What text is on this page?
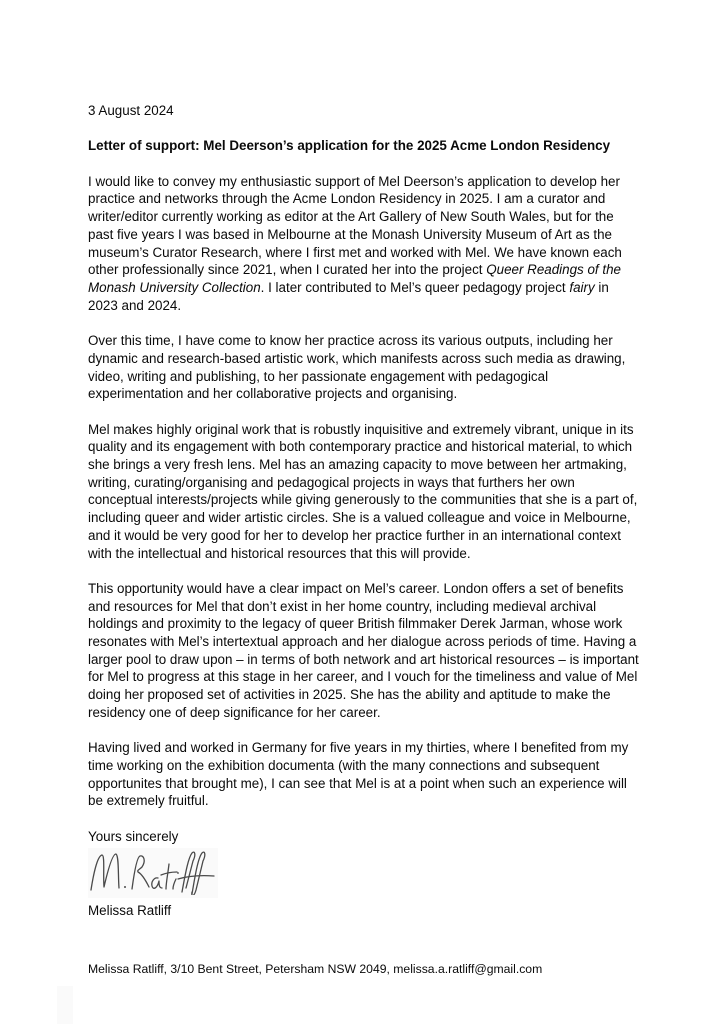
3 August 2024

Letter of support: Mel Deerson’s application for the 2025 Acme London Residency

I would like to convey my enthusiastic support of Mel Deerson’s application to develop her practice and networks through the Acme London Residency in 2025. I am a curator and writer/editor currently working as editor at the Art Gallery of New South Wales, but for the past five years I was based in Melbourne at the Monash University Museum of Art as the museum’s Curator Research, where I first met and worked with Mel. We have known each other professionally since 2021, when I curated her into the project Queer Readings of the Monash University Collection. I later contributed to Mel’s queer pedagogy project fairy in 2023 and 2024.

Over this time, I have come to know her practice across its various outputs, including her dynamic and research-based artistic work, which manifests across such media as drawing, video, writing and publishing, to her passionate engagement with pedagogical experimentation and her collaborative projects and organising.

Mel makes highly original work that is robustly inquisitive and extremely vibrant, unique in its quality and its engagement with both contemporary practice and historical material, to which she brings a very fresh lens. Mel has an amazing capacity to move between her artmaking, writing, curating/organising and pedagogical projects in ways that furthers her own conceptual interests/projects while giving generously to the communities that she is a part of, including queer and wider artistic circles. She is a valued colleague and voice in Melbourne, and it would be very good for her to develop her practice further in an international context with the intellectual and historical resources that this will provide.

This opportunity would have a clear impact on Mel’s career. London offers a set of benefits and resources for Mel that don’t exist in her home country, including medieval archival holdings and proximity to the legacy of queer British filmmaker Derek Jarman, whose work resonates with Mel’s intertextual approach and her dialogue across periods of time. Having a larger pool to draw upon – in terms of both network and art historical resources – is important for Mel to progress at this stage in her career, and I vouch for the timeliness and value of Mel doing her proposed set of activities in 2025. She has the ability and aptitude to make the residency one of deep significance for her career.

Having lived and worked in Germany for five years in my thirties, where I benefited from my time working on the exhibition documenta (with the many connections and subsequent opportunites that brought me), I can see that Mel is at a point when such an experience will be extremely fruitful.

Yours sincerely

Melissa Ratliff

Melissa Ratliff, 3/10 Bent Street, Petersham NSW 2049, melissa.a.ratliff@gmail.com
